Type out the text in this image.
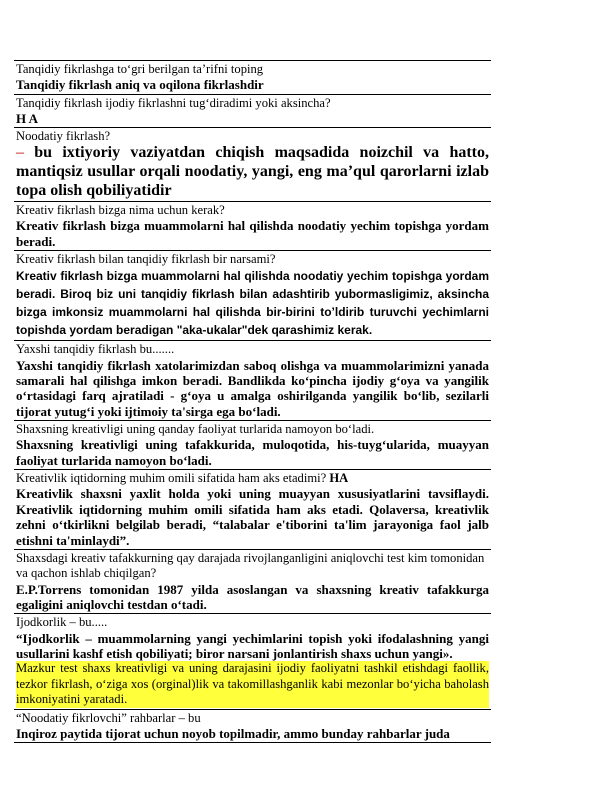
Tanqidiy fikrlashga to‘gri berilgan ta’rifni toping
Tanqidiy fikrlash aniq va oqilona fikrlashdir
Tanqidiy fikrlash ijodiy fikrlashni tug‘diradimi yoki aksincha?
H A
Noodatiy fikrlash?
– bu ixtiyoriy vaziyatdan chiqish maqsadida noizchil va hatto, mantiqsiz usullar orqali noodatiy, yangi, eng ma’qul qarorlarni izlab topa olish qobiliyatidir
Kreativ fikrlash bizga nima uchun kerak?
Kreativ fikrlash bizga muammolarni hal qilishda noodatiy yechim topishga yordam beradi.
Kreativ fikrlash bilan tanqidiy fikrlash bir narsami?
Kreativ fikrlash bizga muammolarni hal qilishda noodatiy yechim topishga yordam beradi. Biroq biz uni tanqidiy fikrlash bilan adashtirib yubormasligimiz, aksincha bizga imkonsiz muammolarni hal qilishda bir-birini to’ldirib turuvchi yechimlarni topishda yordam beradigan "aka-ukalar"dek qarashimiz kerak.
Yaxshi tanqidiy fikrlash bu.......
Yaxshi tanqidiy fikrlash xatolarimizdan saboq olishga va muammolarimizni yanada samarali hal qilishga imkon beradi. Bandlikda ko‘pincha ijodiy g‘oya va yangilik o‘rtasidagi farq ajratiladi - g‘oya u amalga oshirilganda yangilik bo‘lib, sezilarli tijorat yutug‘i yoki ijtimoiy ta'sirga ega bo‘ladi.
Shaxsning kreativligi uning qanday faoliyat turlarida namoyon bo‘ladi.
Shaxsning kreativligi uning tafakkurida, muloqotida, his-tuyg‘ularida, muayyan faoliyat turlarida namoyon bo‘ladi.
Kreativlik iqtidorning muhim omili sifatida ham aks etadimi? HA
Kreativlik shaxsni yaxlit holda yoki uning muayyan xususiyatlarini tavsiflaydi. Kreativlik iqtidorning muhim omili sifatida ham aks etadi. Qolaversa, kreativlik zehni o‘tkirlikni belgilab beradi, “talabalar e'tiborini ta'lim jarayoniga faol jalb etishni ta'minlaydi”.
Shaxsdagi kreativ tafakkurning qay darajada rivojlanganligini aniqlovchi test kim tomonidan va qachon ishlab chiqilgan?
E.P.Torrens tomonidan 1987 yilda asoslangan va shaxsning kreativ tafakkurga egaligini aniqlovchi testdan o‘tadi.
Ijodkorlik – bu.....
“Ijodkorlik – muammolarning yangi yechimlarini topish yoki ifodalashning yangi usullarini kashf etish qobiliyati; biror narsani jonlantirish shaxs uchun yangi».
Mazkur test shaxs kreativligi va uning darajasini ijodiy faoliyatni tashkil etishdagi faollik, tezkor fikrlash, o‘ziga xos (orginal)lik va takomillashganlik kabi mezonlar bo‘yicha baholash imkoniyatini yaratadi.
“Noodatiy fikrlovchi” rahbarlar – bu
Inqiroz paytida tijorat uchun noyob topilmadir, ammo bunday rahbarlar juda
